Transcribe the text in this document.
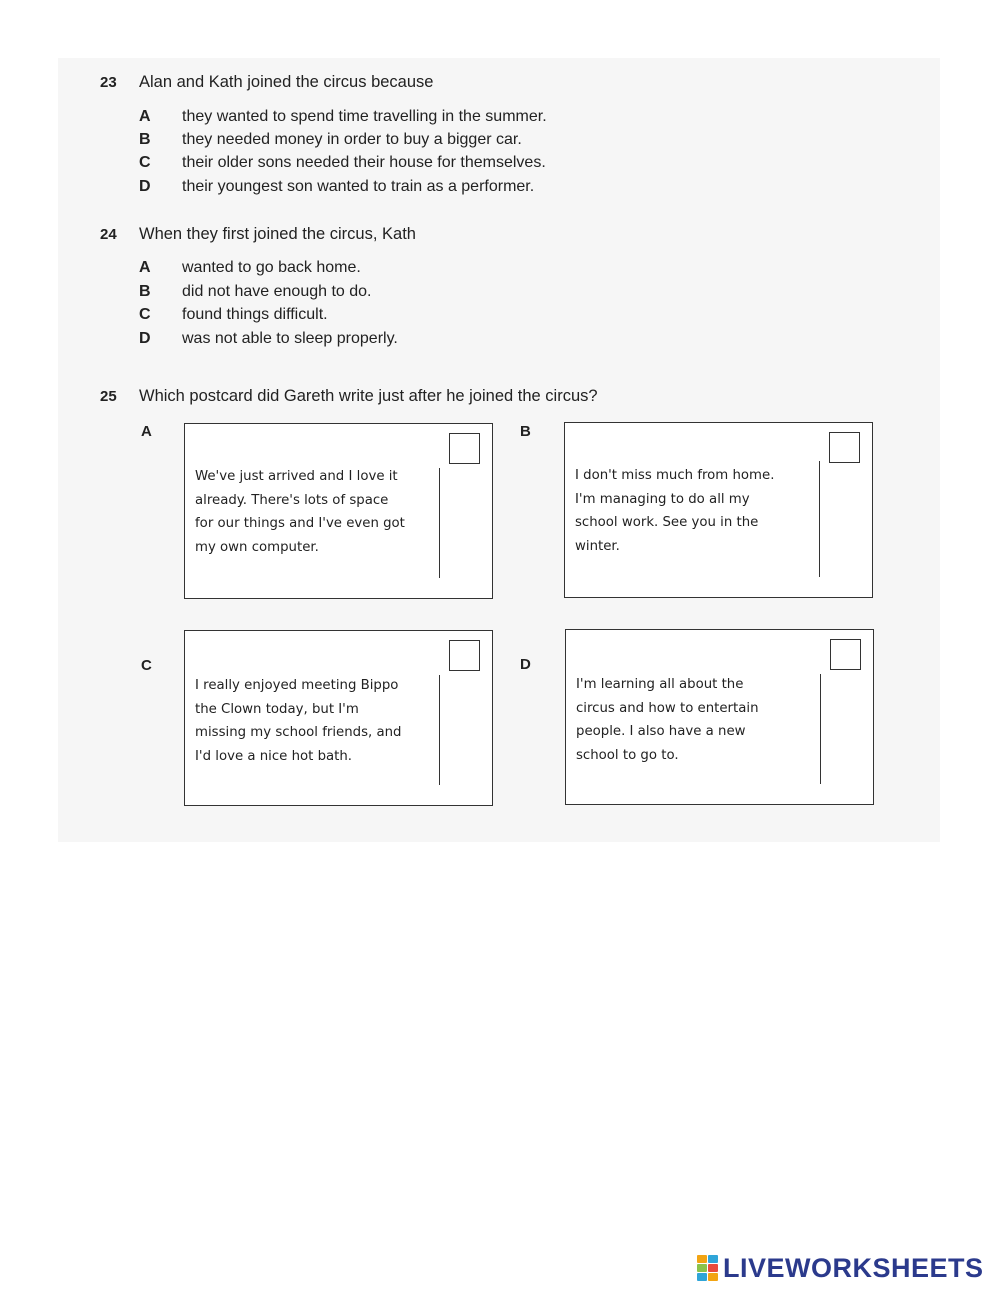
23 Alan and Kath joined the circus because
A they wanted to spend time travelling in the summer.
B they needed money in order to buy a bigger car.
C their older sons needed their house for themselves.
D their youngest son wanted to train as a performer.
24 When they first joined the circus, Kath
A wanted to go back home.
B did not have enough to do.
C found things difficult.
D was not able to sleep properly.
25 Which postcard did Gareth write just after he joined the circus?
A
We've just arrived and I love it
already. There's lots of space
for our things and I've even got
my own computer.
B
I don't miss much from home.
I'm managing to do all my
school work. See you in the
winter.
C
I really enjoyed meeting Bippo
the Clown today, but I'm
missing my school friends, and
I'd love a nice hot bath.
D
I'm learning all about the
circus and how to entertain
people. I also have a new
school to go to.
LIVEWORKSHEETS
